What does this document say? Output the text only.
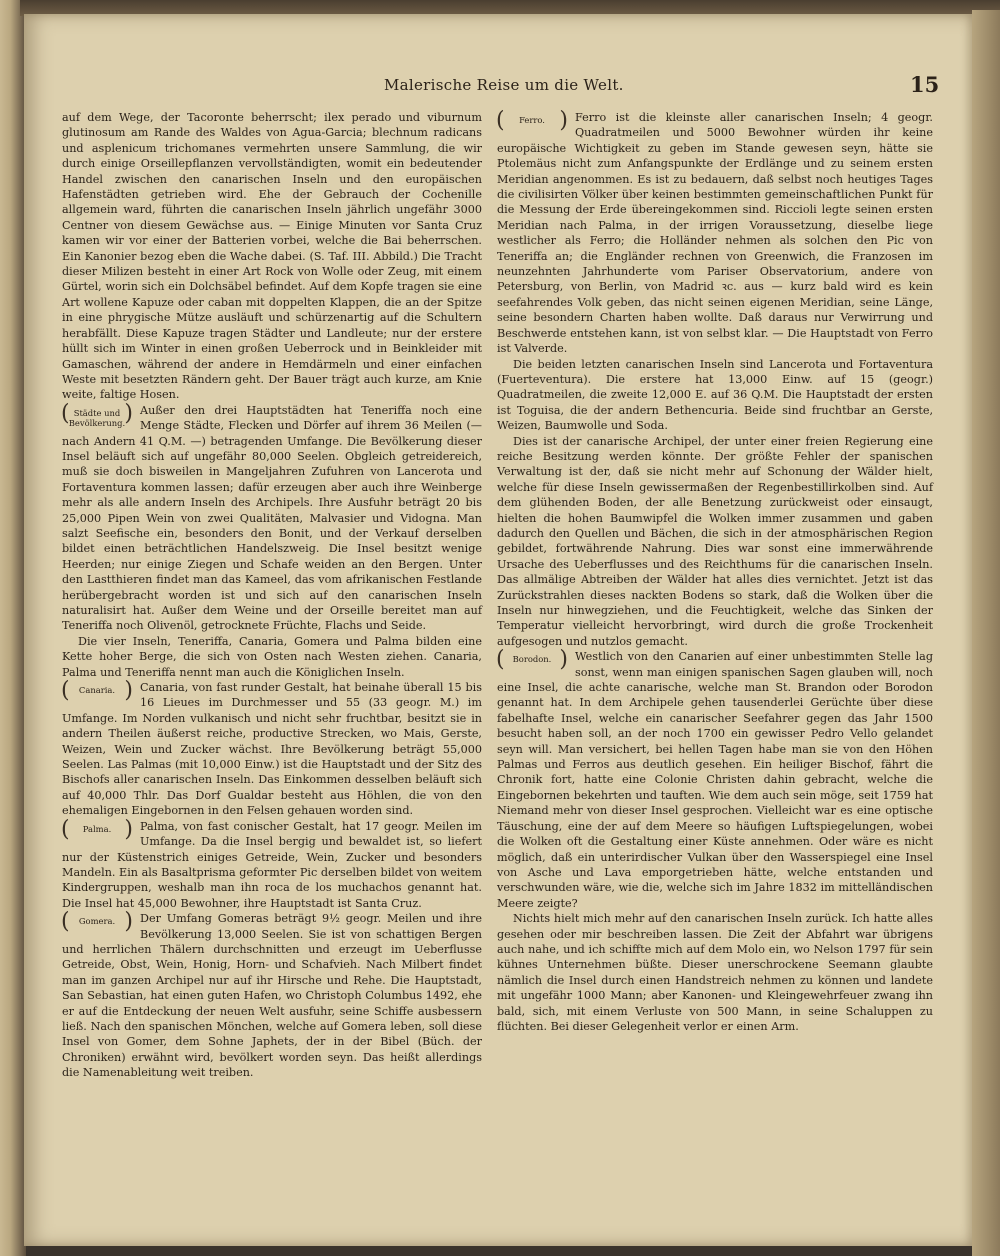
Malerische Reise um die Welt.	15

auf dem Wege, der Tacoronte beherrscht; ilex perado und viburnum glutinosum am Rande des Waldes von Agua-Garcia; blechnum radicans und asplenicum trichomanes vermehrten unsere Sammlung, die wir durch einige Orseillepflanzen vervollständigten, womit ein bedeutender Handel zwischen den canarischen Inseln und den europäischen Hafenstädten getrieben wird. Ehe der Gebrauch der Cochenille allgemein ward, führten die canarischen Inseln jährlich ungefähr 3000 Centner von diesem Gewächse aus. — Einige Minuten vor Santa Cruz kamen wir vor einer der Batterien vorbei, welche die Bai beherrschen. Ein Kanonier bezog eben die Wache dabei. (S. Taf. III. Abbild.) Die Tracht dieser Milizen besteht in einer Art Rock von Wolle oder Zeug, mit einem Gürtel, worin sich ein Dolchsäbel befindet. Auf dem Kopfe tragen sie eine Art wollene Kapuze oder caban mit doppelten Klappen, die an der Spitze in eine phrygische Mütze ausläuft und schürzenartig auf die Schultern herabfällt. Diese Kapuze tragen Städter und Landleute; nur der erstere hüllt sich im Winter in einen großen Ueberrock und in Beinkleider mit Gamaschen, während der andere in Hemdärmeln und einer einfachen Weste mit besetzten Rändern geht. Der Bauer trägt auch kurze, am Knie weite, faltige Hosen.

( Städte und Bevölkerung. )
Außer den drei Hauptstädten hat Teneriffa noch eine Menge Städte, Flecken und Dörfer auf ihrem 36 Meilen (— nach Andern 41 Q.M. —) betragenden Umfange. Die Bevölkerung dieser Insel beläuft sich auf ungefähr 80,000 Seelen. Obgleich getreidereich, muß sie doch bisweilen in Mangeljahren Zufuhren von Lancerota und Fortaventura kommen lassen; dafür erzeugen aber auch ihre Weinberge mehr als alle andern Inseln des Archipels. Ihre Ausfuhr beträgt 20 bis 25,000 Pipen Wein von zwei Qualitäten, Malvasier und Vidogna. Man salzt Seefische ein, besonders den Bonit, und der Verkauf derselben bildet einen beträchtlichen Handelszweig. Die Insel besitzt wenige Heerden; nur einige Ziegen und Schafe weiden an den Bergen. Unter den Lastthieren findet man das Kameel, das vom afrikanischen Festlande herübergebracht worden ist und sich auf den canarischen Inseln naturalisirt hat. Außer dem Weine und der Orseille bereitet man auf Teneriffa noch Olivenöl, getrocknete Früchte, Flachs und Seide.

Die vier Inseln, Teneriffa, Canaria, Gomera und Palma bilden eine Kette hoher Berge, die sich von Osten nach Westen ziehen. Canaria, Palma und Teneriffa nennt man auch die Königlichen Inseln.

( Canaria. )	Canaria, von fast runder Gestalt, hat beinahe überall 15 bis 16 Lieues im Durchmesser und 55 (33 geogr. M.) im Umfange. Im Norden vulkanisch und nicht sehr fruchtbar, besitzt sie in andern Theilen äußerst reiche, productive Strecken, wo Mais, Gerste, Weizen, Wein und Zucker wächst. Ihre Bevölkerung beträgt 55,000 Seelen. Las Palmas (mit 10,000 Einw.) ist die Hauptstadt und der Sitz des Bischofs aller canarischen Inseln. Das Einkommen desselben beläuft sich auf 40,000 Thlr. Das Dorf Gualdar besteht aus Höhlen, die von den ehemaligen Eingebornen in den Felsen gehauen worden sind.

( Palma. )	Palma, von fast conischer Gestalt, hat 17 geogr. Meilen im Umfange. Da die Insel bergig und bewaldet ist, so liefert nur der Küstenstrich einiges Getreide, Wein, Zucker und besonders Mandeln. Ein als Basaltprisma geformter Pic derselben bildet von weitem Kindergruppen, weshalb man ihn roca de los muchachos genannt hat. Die Insel hat 45,000 Bewohner, ihre Hauptstadt ist Santa Cruz.

( Gomera. )	Der Umfang Gomeras beträgt 9½ geogr. Meilen und ihre Bevölkerung 13,000 Seelen. Sie ist von schattigen Bergen und herrlichen Thälern durchschnitten und erzeugt im Ueberflusse Getreide, Obst, Wein, Honig, Horn- und Schafvieh. Nach Milbert findet man im ganzen Archipel nur auf ihr Hirsche und Rehe. Die Hauptstadt, San Sebastian, hat einen guten Hafen, wo Christoph Columbus 1492, ehe er auf die Entdeckung der neuen Welt ausfuhr, seine Schiffe ausbessern ließ. Nach den spanischen Mönchen, welche auf Gomera leben, soll diese Insel von Gomer, dem Sohne Japhets, der in der Bibel (Büch. der Chroniken) erwähnt wird, bevölkert worden seyn. Das heißt allerdings die Namenableitung weit treiben.

( Ferro. )	Ferro ist die kleinste aller canarischen Inseln; 4 geogr. Quadratmeilen und 5000 Bewohner würden ihr keine europäische Wichtigkeit zu geben im Stande gewesen seyn, hätte sie Ptolemäus nicht zum Anfangspunkte der Erdlänge und zu seinem ersten Meridian angenommen. Es ist zu bedauern, daß selbst noch heutiges Tages die civilisirten Völker über keinen bestimmten gemeinschaftlichen Punkt für die Messung der Erde übereingekommen sind. Riccioli legte seinen ersten Meridian nach Palma, in der irrigen Voraussetzung, dieselbe liege westlicher als Ferro; die Holländer nehmen als solchen den Pic von Teneriffa an; die Engländer rechnen von Greenwich, die Franzosen im neunzehnten Jahrhunderte vom Pariser Observatorium, andere von Petersburg, von Berlin, von Madrid ꝛc. aus — kurz bald wird es kein seefahrendes Volk geben, das nicht seinen eigenen Meridian, seine Länge, seine besondern Charten haben wollte. Daß daraus nur Verwirrung und Beschwerde entstehen kann, ist von selbst klar. — Die Hauptstadt von Ferro ist Valverde.

Die beiden letzten canarischen Inseln sind Lancerota und Fortaventura (Fuerteventura). Die erstere hat 13,000 Einw. auf 15 (geogr.) Quadratmeilen, die zweite 12,000 E. auf 36 Q.M. Die Hauptstadt der ersten ist Toguisa, die der andern Bethencuria. Beide sind fruchtbar an Gerste, Weizen, Baumwolle und Soda.

Dies ist der canarische Archipel, der unter einer freien Regierung eine reiche Besitzung werden könnte. Der größte Fehler der spanischen Verwaltung ist der, daß sie nicht mehr auf Schonung der Wälder hielt, welche für diese Inseln gewissermaßen der Regenbestillirkolben sind. Auf dem glühenden Boden, der alle Benetzung zurückweist oder einsaugt, hielten die hohen Baumwipfel die Wolken immer zusammen und gaben dadurch den Quellen und Bächen, die sich in der atmosphärischen Region gebildet, fortwährende Nahrung. Dies war sonst eine immerwährende Ursache des Ueberflusses und des Reichthums für die canarischen Inseln. Das allmälige Abtreiben der Wälder hat alles dies vernichtet. Jetzt ist das Zurückstrahlen dieses nackten Bodens so stark, daß die Wolken über die Inseln nur hinwegziehen, und die Feuchtigkeit, welche das Sinken der Temperatur vielleicht hervorbringt, wird durch die große Trockenheit aufgesogen und nutzlos gemacht.

( Borodon. )	Westlich von den Canarien auf einer unbestimmten Stelle lag sonst, wenn man einigen spanischen Sagen glauben will, noch eine Insel, die achte canarische, welche man St. Brandon oder Borodon genannt hat. In dem Archipele gehen tausenderlei Gerüchte über diese fabelhafte Insel, welche ein canarischer Seefahrer gegen das Jahr 1500 besucht haben soll, an der noch 1700 ein gewisser Pedro Vello gelandet seyn will. Man versichert, bei hellen Tagen habe man sie von den Höhen Palmas und Ferros aus deutlich gesehen. Ein heiliger Bischof, fährt die Chronik fort, hatte eine Colonie Christen dahin gebracht, welche die Eingebornen bekehrten und tauften. Wie dem auch sein möge, seit 1759 hat Niemand mehr von dieser Insel gesprochen. Vielleicht war es eine optische Täuschung, eine der auf dem Meere so häufigen Luftspiegelungen, wobei die Wolken oft die Gestaltung einer Küste annehmen. Oder wäre es nicht möglich, daß ein unterirdischer Vulkan über den Wasserspiegel eine Insel von Asche und Lava emporgetrieben hätte, welche entstanden und verschwunden wäre, wie die, welche sich im Jahre 1832 im mittelländischen Meere zeigte?

Nichts hielt mich mehr auf den canarischen Inseln zurück. Ich hatte alles gesehen oder mir beschreiben lassen. Die Zeit der Abfahrt war übrigens auch nahe, und ich schiffte mich auf dem Molo ein, wo Nelson 1797 für sein kühnes Unternehmen büßte. Dieser unerschrockene Seemann glaubte nämlich die Insel durch einen Handstreich nehmen zu können und landete mit ungefähr 1000 Mann; aber Kanonen- und Kleingewehrfeuer zwang ihn bald, sich, mit einem Verluste von 500 Mann, in seine Schaluppen zu flüchten. Bei dieser Gelegenheit verlor er einen Arm.
